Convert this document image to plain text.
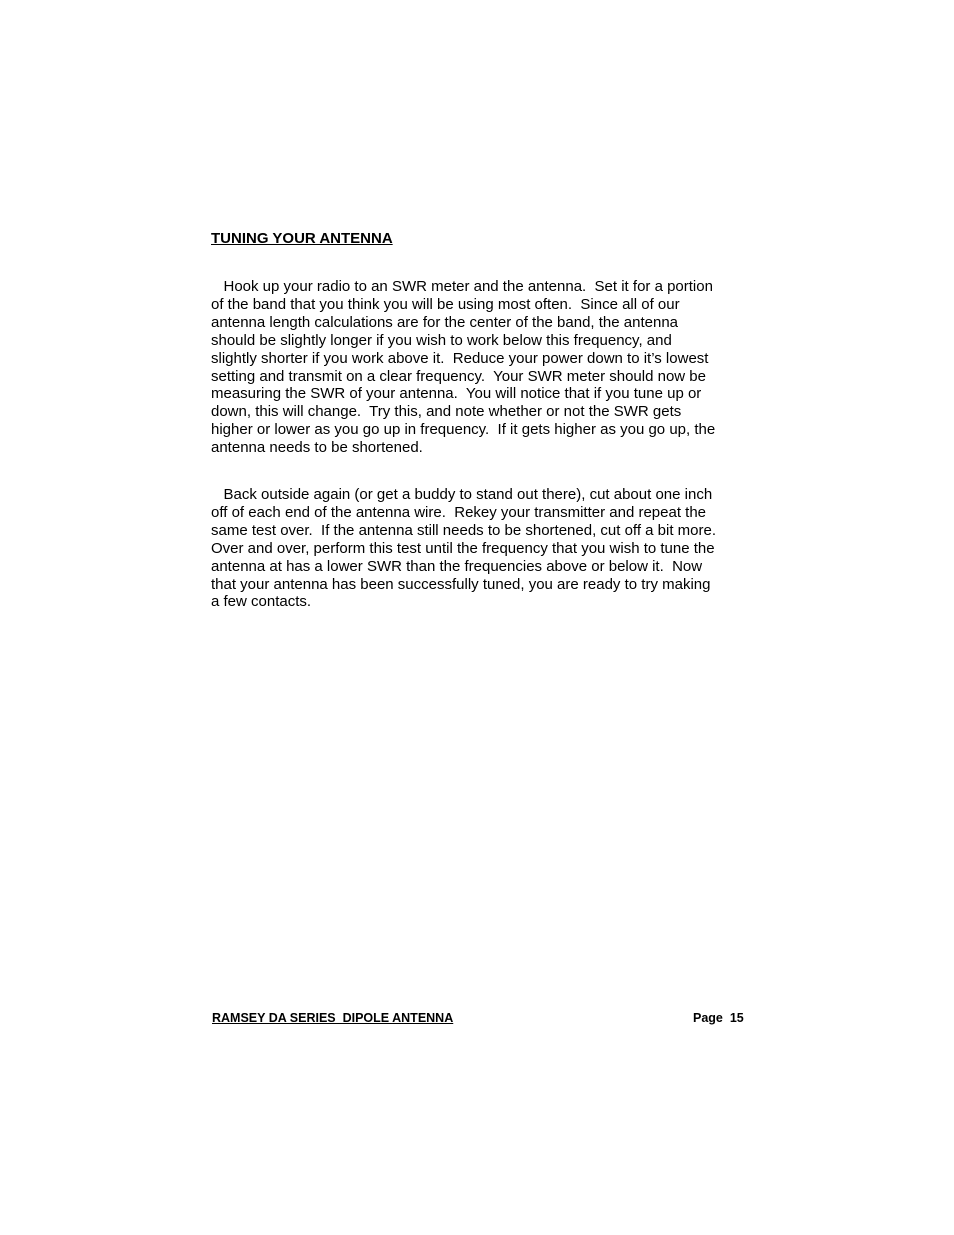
TUNING YOUR ANTENNA

Hook up your radio to an SWR meter and the antenna.  Set it for a portion
of the band that you think you will be using most often.  Since all of our
antenna length calculations are for the center of the band, the antenna
should be slightly longer if you wish to work below this frequency, and
slightly shorter if you work above it.  Reduce your power down to it’s lowest
setting and transmit on a clear frequency.  Your SWR meter should now be
measuring the SWR of your antenna.  You will notice that if you tune up or
down, this will change.  Try this, and note whether or not the SWR gets
higher or lower as you go up in frequency.  If it gets higher as you go up, the
antenna needs to be shortened.

Back outside again (or get a buddy to stand out there), cut about one inch
off of each end of the antenna wire.  Rekey your transmitter and repeat the
same test over.  If the antenna still needs to be shortened, cut off a bit more.
Over and over, perform this test until the frequency that you wish to tune the
antenna at has a lower SWR than the frequencies above or below it.  Now
that your antenna has been successfully tuned, you are ready to try making
a few contacts.

RAMSEY DA SERIES  DIPOLE ANTENNA	Page  15
